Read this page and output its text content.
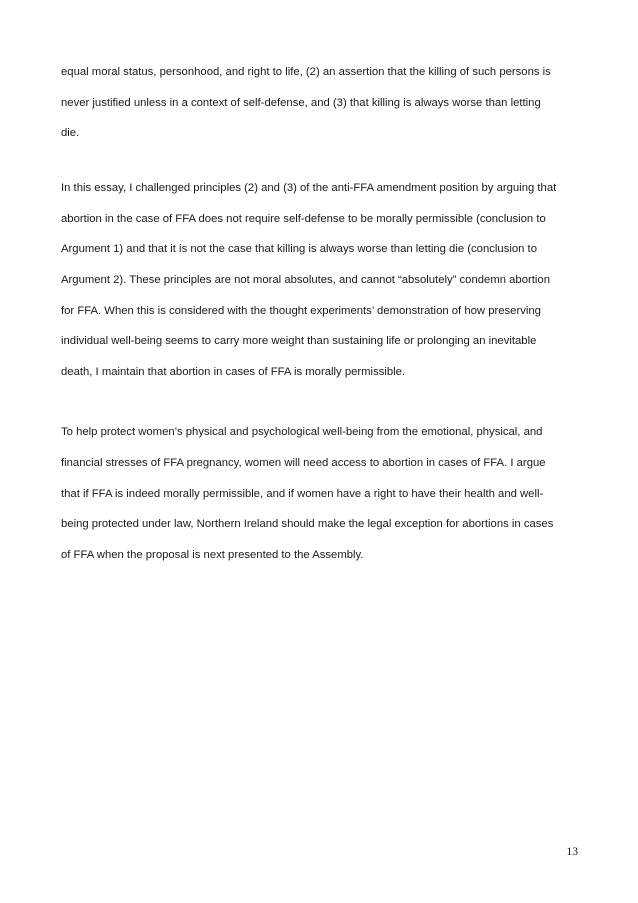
equal moral status, personhood, and right to life, (2) an assertion that the killing of such persons is
never justified unless in a context of self-defense, and (3) that killing is always worse than letting
die.
In this essay, I challenged principles (2) and (3) of the anti-FFA amendment position by arguing that
abortion in the case of FFA does not require self-defense to be morally permissible (conclusion to
Argument 1) and that it is not the case that killing is always worse than letting die (conclusion to
Argument 2). These principles are not moral absolutes, and cannot “absolutely” condemn abortion
for FFA. When this is considered with the thought experiments’ demonstration of how preserving
individual well-being seems to carry more weight than sustaining life or prolonging an inevitable
death, I maintain that abortion in cases of FFA is morally permissible.
To help protect women’s physical and psychological well-being from the emotional, physical, and
financial stresses of FFA pregnancy, women will need access to abortion in cases of FFA. I argue
that if FFA is indeed morally permissible, and if women have a right to have their health and well-
being protected under law, Northern Ireland should make the legal exception for abortions in cases
of FFA when the proposal is next presented to the Assembly.
13
